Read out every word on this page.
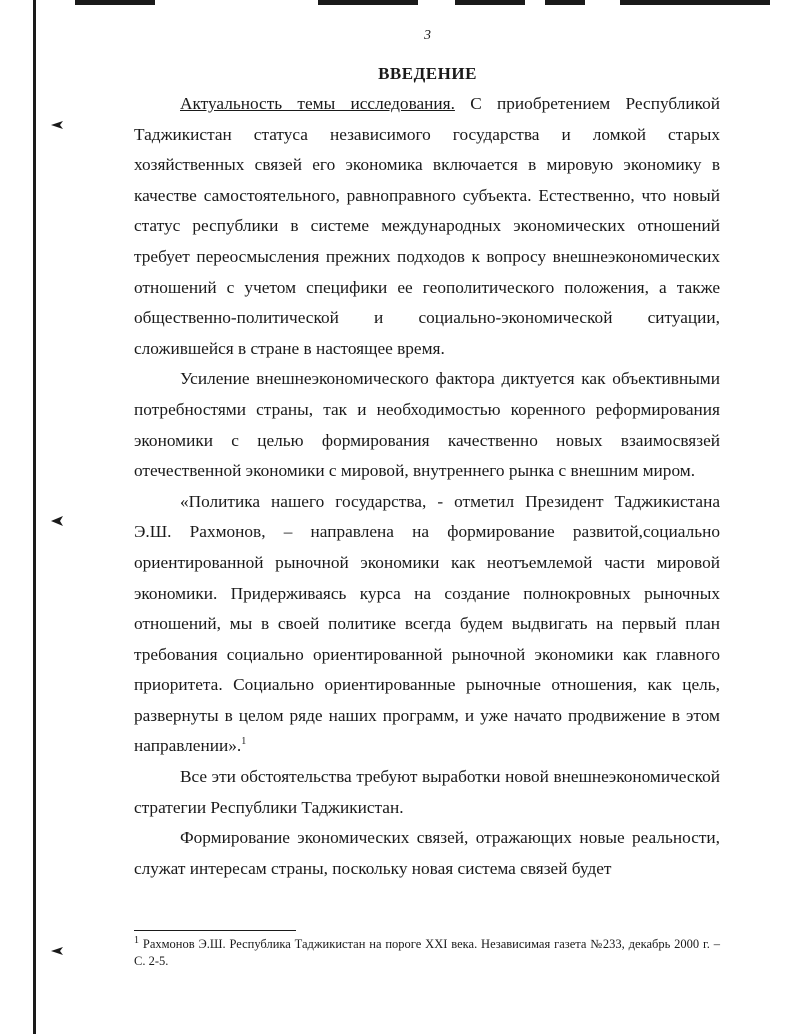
3
ВВЕДЕНИЕ

Актуальность темы исследования. С приобретением Республикой Таджикистан статуса независимого государства и ломкой старых хозяйственных связей его экономика включается в мировую экономику в качестве самостоятельного, равноправного субъекта. Естественно, что новый статус республики в системе международных экономических отношений требует переосмысления прежних подходов к вопросу внешнеэкономических отношений с учетом специфики ее геополитического положения, а также общественно-политической и социально-экономической ситуации, сложившейся в стране в настоящее время.

Усиление внешнеэкономического фактора диктуется как объективными потребностями страны, так и необходимостью коренного реформирования экономики с целью формирования качественно новых взаимосвязей отечественной экономики с мировой, внутреннего рынка с внешним миром.

«Политика нашего государства, - отметил Президент Таджикистана Э.Ш. Рахмонов, – направлена на формирование развитой,социально ориентированной рыночной экономики как неотъемлемой части мировой экономики. Придерживаясь курса на создание полнокровных рыночных отношений, мы в своей политике всегда будем выдвигать на первый план требования социально ориентированной рыночной экономики как главного приоритета. Социально ориентированные рыночные отношения, как цель, развернуты в целом ряде наших программ, и уже начато продвижение в этом направлении».$^1$

Все эти обстоятельства требуют выработки новой внешнеэкономической стратегии Республики Таджикистан.

Формирование экономических связей, отражающих новые реальности, служат интересам страны, поскольку новая система связей будет

$^1$ Рахмонов Э.Ш. Республика Таджикистан на пороге XXI века. Независимая газета №233, декабрь 2000 г. – С. 2-5.
